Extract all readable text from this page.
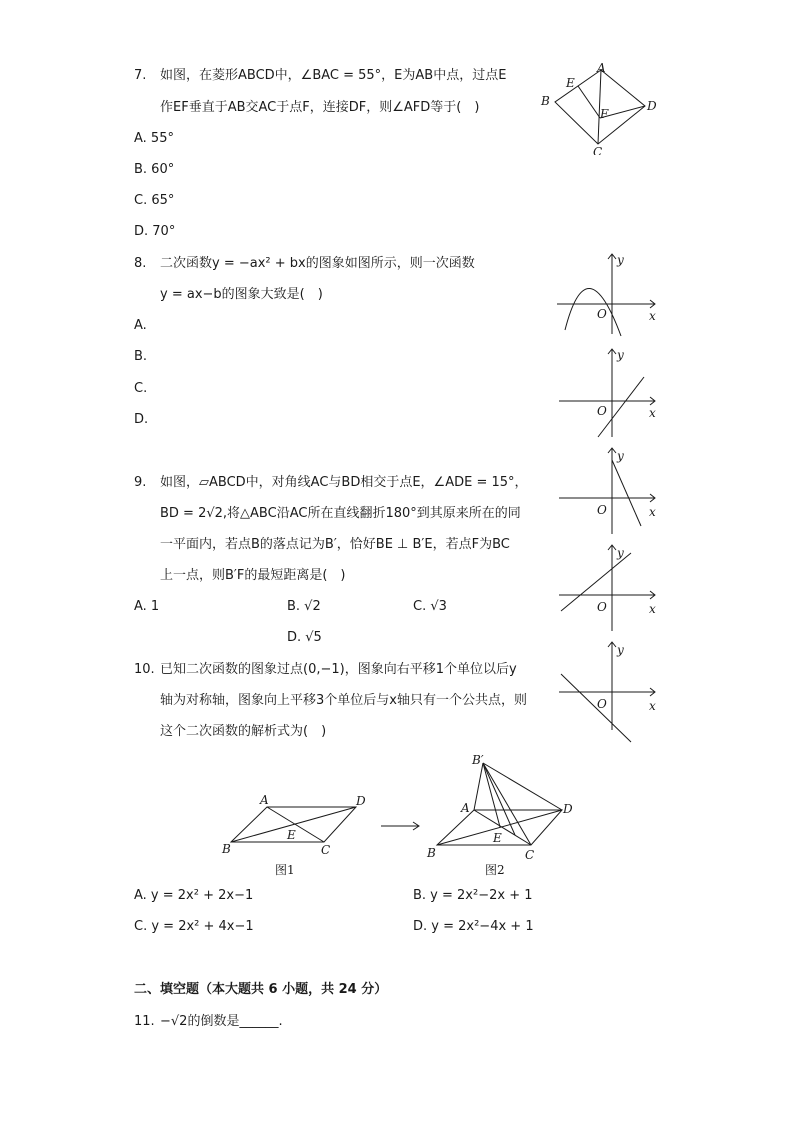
7. 如图，在菱形ABCD中，∠BAC = 55°，E为AB中点，过点E
作EF垂直于AB交AC于点F，连接DF，则∠AFD等于(　)
A. 55°
B. 60°
C. 65°
D. 70°
A
B
C
D
E
F
8. 二次函数y = −ax² + bx的图象如图所示，则一次函数
y = ax−b的图象大致是(　)
A.
B.
C.
D.
y
x
O
y
x
O
y
x
O
y
x
O
y
x
O
9. 如图，▱ABCD中，对角线AC与BD相交于点E，∠ADE = 15°，
BD = 2√2,将△ABC沿AC所在直线翻折180°到其原来所在的同
一平面内，若点B的落点记为B′，恰好BE ⊥ B′E，若点F为BC
上一点，则B′F的最短距离是(　)
A. 1	B. √2	C. √3
D. √5
10. 已知二次函数的图象过点(0,−1)，图象向右平移1个单位以后y
轴为对称轴，图象向上平移3个单位后与x轴只有一个公共点，则
这个二次函数的解析式为(　)
A	D
B	C
E
图1
B′
A	D
B	C
E
图2
A. y = 2x² + 2x−1	B. y = 2x²−2x + 1
C. y = 2x² + 4x−1	D. y = 2x²−4x + 1
二、填空题（本大题共 6 小题，共 24 分）
11. −√2的倒数是______.
